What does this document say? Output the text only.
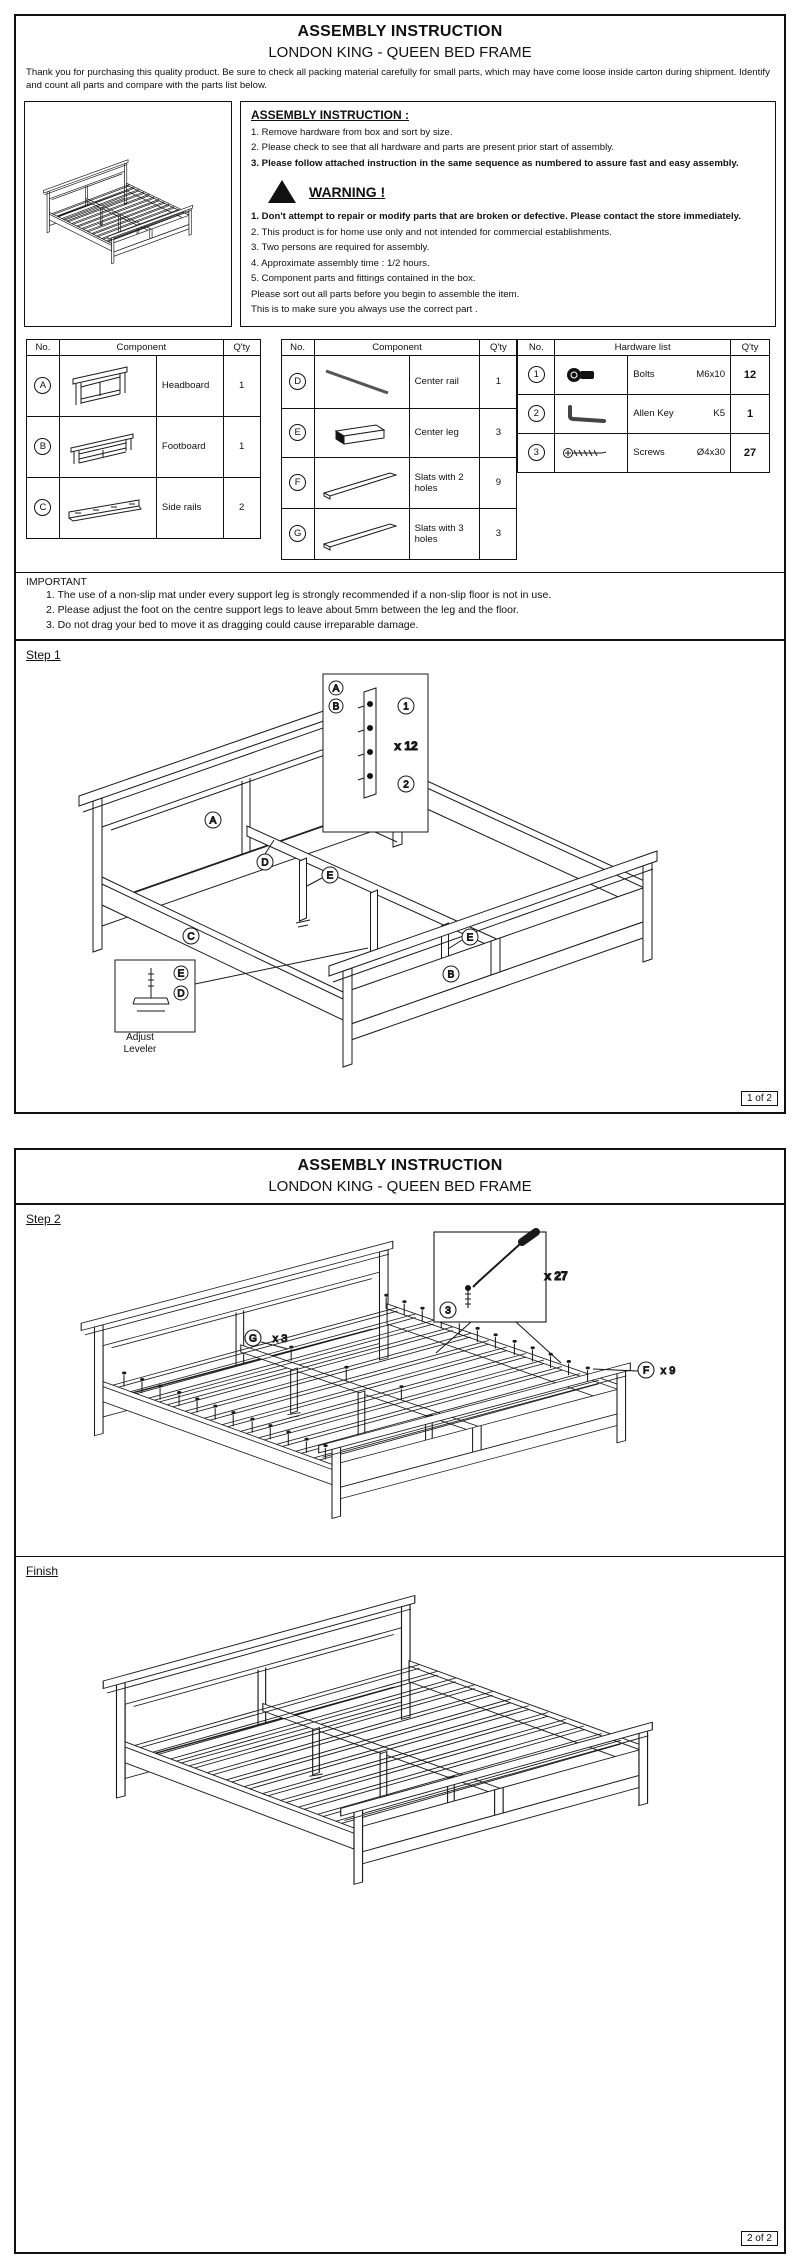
ASSEMBLY INSTRUCTION
LONDON KING - QUEEN BED FRAME
Thank you for purchasing this quality product. Be sure to check all packing material carefully for small parts, which may have come loose inside carton during shipment. Identify and count all parts and compare with the parts list below.
ASSEMBLY INSTRUCTION :
1. Remove hardware from box and sort by size.
2. Please check to see that all hardware and parts are present prior start of assembly.
3. Please follow attached instruction in the same sequence as numbered to assure fast and easy assembly.
! WARNING !
1. Don't attempt to repair or modify parts that are broken or defective. Please contact the store immediately.
2. This product is for home use only and not intended for commercial establishments.
3. Two persons are required for assembly.
4. Approximate assembly time : 1/2 hours.
5. Component parts and fittings contained in the box.
Please sort out all parts before you begin to assemble the item.
This is to make sure you always use the correct part .
No.	Component		Q'ty
A		Headboard	1
B		Footboard	1
C		Side rails	2
No.	Component		Q'ty
D		Center rail	1
E		Center leg	3
F		Slats with 2 holes	9
G		Slats with 3 holes	3
No.	Hardware list		Q'ty
1		Bolts M6x10	12
2		Allen Key K5	1
3		Screws Ø4x30	27
IMPORTANT
1. The use of a non-slip mat under every support leg is strongly recommended if a non-slip floor is not in use.
2. Please adjust the foot on the centre support legs to leave about 5mm between the leg and the floor.
3. Do not drag your bed to move it as dragging could cause irreparable damage.
Step 1
A
B
C
D
E
E
A
B	1
x 12
2
E
D
Adjust Leveler
1 of 2
ASSEMBLY INSTRUCTION
LONDON KING - QUEEN BED FRAME
Step 2
G x 3
3
x 27
F x 9
Finish
2 of 2
